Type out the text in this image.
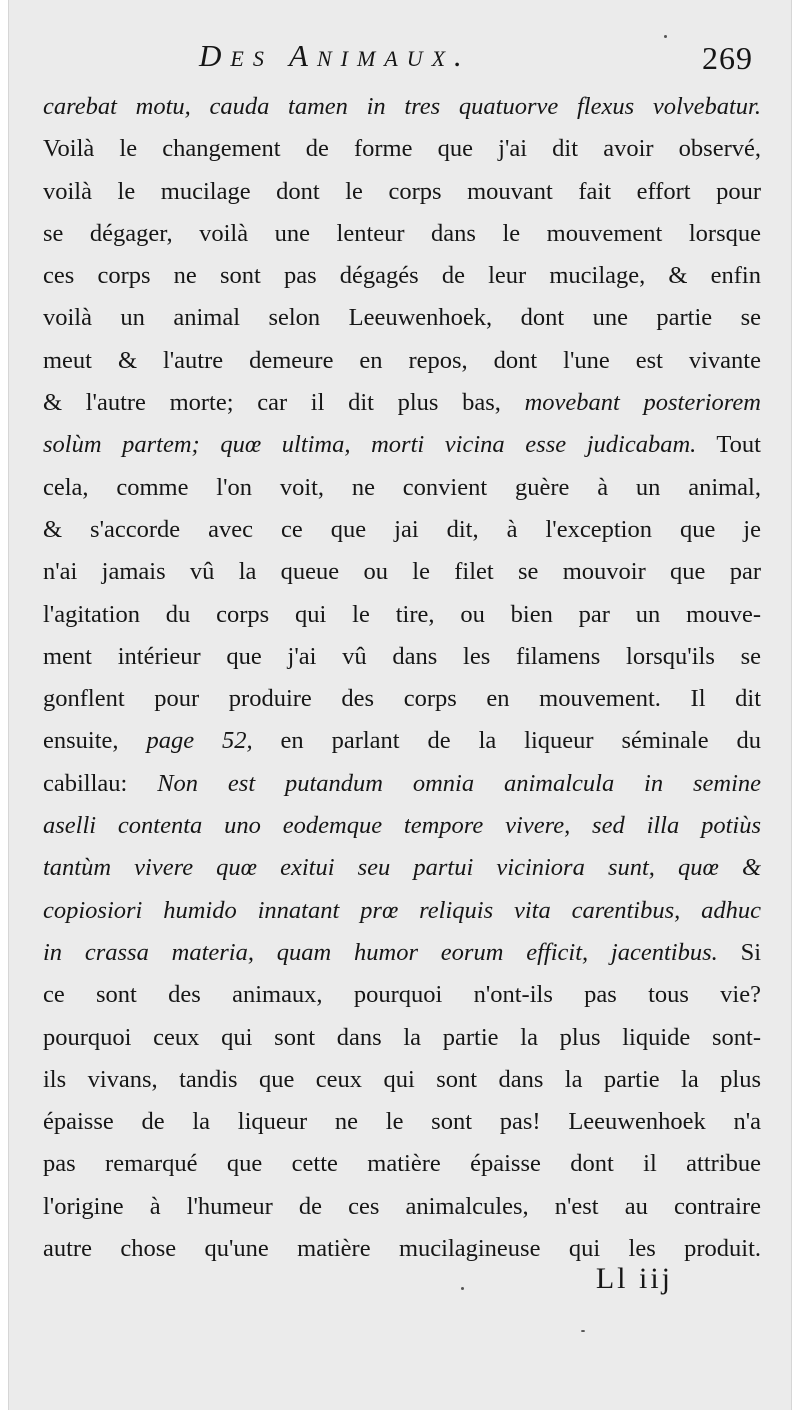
Des Animaux.	269
carebat motu, cauda tamen in tres quatuorve flexus volvebatur.
Voilà le changement de forme que j'ai dit avoir observé,
voilà le mucilage dont le corps mouvant fait effort pour
se dégager, voilà une lenteur dans le mouvement lorsque
ces corps ne sont pas dégagés de leur mucilage, & enfin
voilà un animal selon Leeuwenhoek, dont une partie se
meut & l'autre demeure en repos, dont l'une est vivante
& l'autre morte; car il dit plus bas, movebant posteriorem
solùm partem; quœ ultima, morti vicina esse judicabam. Tout
cela, comme l'on voit, ne convient guère à un animal,
& s'accorde avec ce que jai dit, à l'exception que je
n'ai jamais vû la queue ou le filet se mouvoir que par
l'agitation du corps qui le tire, ou bien par un mouve-
ment intérieur que j'ai vû dans les filamens lorsqu'ils se
gonflent pour produire des corps en mouvement. Il dit
ensuite, page 52, en parlant de la liqueur séminale du
cabillau: Non est putandum omnia animalcula in semine
aselli contenta uno eodemque tempore vivere, sed illa potiùs
tantùm vivere quœ exitui seu partui viciniora sunt, quœ &
copiosiori humido innatant prœ reliquis vita carentibus, adhuc
in crassa materia, quam humor eorum efficit, jacentibus. Si
ce sont des animaux, pourquoi n'ont-ils pas tous vie?
pourquoi ceux qui sont dans la partie la plus liquide sont-
ils vivans, tandis que ceux qui sont dans la partie la plus
épaisse de la liqueur ne le sont pas! Leeuwenhoek n'a
pas remarqué que cette matière épaisse dont il attribue
l'origine à l'humeur de ces animalcules, n'est au contraire
autre chose qu'une matière mucilagineuse qui les produit.
Ll iij
